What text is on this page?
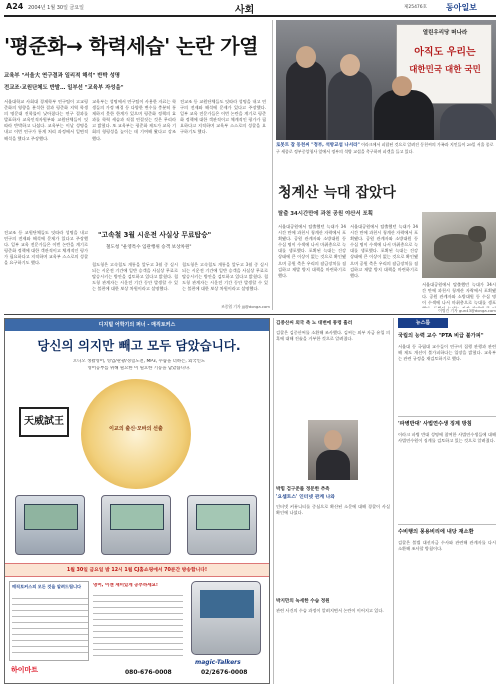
A24 2004년 1월 30일 금요일	사회	제25476호 동아일보
'평준화→ 학력세습' 논란 가열
교육부 "서울大 연구결과 일리적 해석" 반박 성명
전교조·교원단체도 반발… 일부선 "교육부 자성을"
서울대학교 사회대 경제학부 연구팀이 고교평준화의 영향을 분석한 결과 평준화 지역 학생의 명문대 진학률이 낮아졌다는 연구 결과를 발표하자 교육인적자원부와 교원단체들이 잇따라 반박하고 나섰다. 교육부는 이날 성명을 내고 이번 연구가 통계 처리 과정에서 일면적 해석을 했다고 주장했다.
교육부는 성명에서 연구팀이 사용한 자료는 학생들의 가정 배경 등 다양한 변수를 충분히 통제하지 못한 한계가 있으며 평준화 정책의 효과를 학력 세습과 직접 연결짓는 것은 무리라고 밝혔다. 또 교육부는 평준화 제도가 교육 기회의 형평성을 높이는 데 기여해 왔다고 강조했다.
전교조 등 교원단체들도 잇따라 성명을 내고 연구의 전제와 해석에 문제가 있다고 주장했다. 일부 교육 전문가들은 이번 논란을 계기로 평준화 정책에 대한 객관적이고 체계적인 평가가 필요하다고 지적하며 교육부 스스로의 성찰을 요구하기도 했다.
전교조 등 교원단체들도 잇따라 성명을 내고 연구의 전제와 해석에 문제가 있다고 주장했다. 일부 교육 전문가들은 이번 논란을 계기로 평준화 정책에 대한 객관적이고 체계적인 평가가 필요하다고 지적하며 교육부 스스로의 성찰을 요구하기도 했다.
"고속철 3월 시운전 사실상 무료탑승"
철도청 "운영특수 임관행위 승객 보상차원"
철도청은 고속철도 개통을 앞두고 3월 중 실시되는 시운전 기간에 일반 승객을 사실상 무료로 탑승시키는 방안을 검토하고 있다고 밝혔다. 철도청 관계자는 시운전 기간 동안 발생할 수 있는 불편에 대한 보상 차원이라고 설명했다.
철도청은 고속철도 개통을 앞두고 3월 중 실시되는 시운전 기간에 일반 승객을 사실상 무료로 탑승시키는 방안을 검토하고 있다고 밝혔다. 철도청 관계자는 시운전 기간 동안 발생할 수 있는 불편에 대한 보상 차원이라고 설명했다.
조종엽 기자 jjj@donga.com
열린우리당 떠나라
아직도 우리는
대한민국 대한 국민
로봇트 잡 동천씨 "정부, 석방교섭 나서라" 이라크에서 피랍된 것으로 알려진 동천씨의 가족과 지인들이 29일 서울 종로구 세종로 정부중앙청사 앞에서 정부의 석방 교섭을 촉구하며 피켓을 들고 있다.
청계산 늑대 잡았다
탈출 34시간만에 과천 공원 야산서 포획
서울대공원에서 탈출했던 늑대가 34시간 만에 과천시 청계산 자락에서 포획됐다. 공원 관계자와 소방대원 등 수십 명이 수색에 나서 마취총으로 늑대를 생포했다. 포획된 늑대는 건강 상태에 큰 이상이 없는 것으로 확인됐으며 공원 측은 우리의 잠금장치를 점검하고 재발 방지 대책을 마련하기로 했다.
서울대공원에서 탈출했던 늑대가 34시간 만에 과천시 청계산 자락에서 포획됐다. 공원 관계자와 소방대원 등 수십 명이 수색에 나서 마취총으로 늑대를 생포했다. 포획된 늑대는 건강 상태에 큰 이상이 없는 것으로 확인됐으며 공원 측은 우리의 잠금장치를 점검하고 재발 방지 대책을 마련하기로 했다.
서울대공원에서 탈출했던 늑대가 34시간 만에 과천시 청계산 자락에서 포획됐다. 공원 관계자와 소방대원 등 수십 명이 수색에 나서 마취총으로 늑대를 생포
이명건 기자 gun43@donga.com
디지털 어학기의 퍼너 - 매직토커스
당신의 의지만 빼고 모두 담았습니다.
오디오 생활영어, 영업/관광/경험도전, MP3, 수습을 더하는, 외국인도
영어공부를 위해 필요한 이 필요한 기능을 담았습니다.
이교의 출신·모바의 선출
天威試王
1월 30일 금요일 밤 12시 1월 CJ홈쇼핑에서 70분간 방송합니다!
매직토커스의 모든 것을 알려드립니다	영어, 이젠 재미있게 공부하세요!
하이마트
magic-Talkers
080-676-0008	02/2676-0008
김중산씨 외국 측 노 대변에 통령 흘러
검찰은 김중산씨를 소환해 조사했다. 김씨는 외부 자금 유입 의혹에 대해 진술을 거부한 것으로 알려졌다.
박힘 검구준를 정문한 추측
'요셉트스' 인터넷 관계 나와
인터넷 커뮤니티를 중심으로 확산된 소문에 대해 경찰이 사실 확인에 나섰다.
박지만의 녹세한 수습 정원
관련 사건의 수습 과정이 알려지면서 논란이 이어지고 있다.
뉴스룸
국립의 능력 교수 "PTA 비급 불가피"
서울대 등 국립대 교수들이 연구비 집행 관행과 관련해 제도 개선이 불가피하다는 입장을 밝혔다. 교육부는 관련 규정을 재검토하기로 했다.
'파병반대' 사법연수생 징계 방침
이라크 파병 반대 성명에 참여한 사법연수생들에 대해 사법연수원이 징계를 검토하고 있는 것으로 알려졌다.
수비행의 몽용비리에 내당 재소환
검찰은 불법 대선자금 수사와 관련해 관계자를 다시 소환해 조사할 방침이다.
